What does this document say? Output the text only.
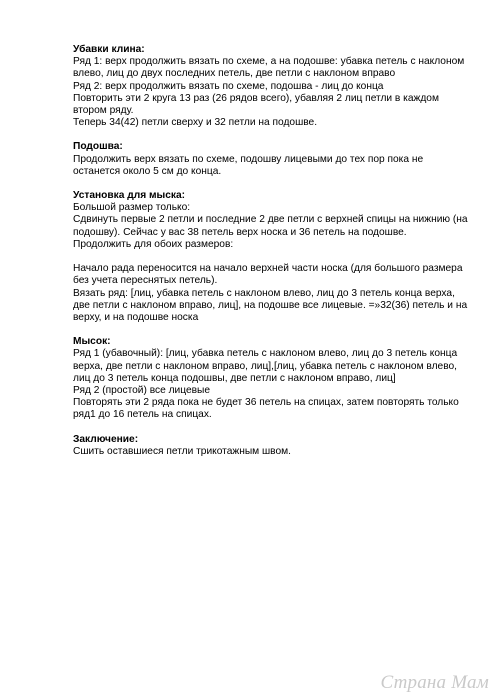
Убавки клина:
Ряд 1: верх продолжить вязать по схеме, а на подошве: убавка петель с наклоном влево, лиц до двух последних петель, две петли с наклоном вправо
Ряд 2: верх продолжить вязать по схеме, подошва - лиц до конца
Повторить эти 2 круга 13 раз (26 рядов всего), убавляя 2 лиц петли в каждом втором ряду.
Теперь 34(42) петли сверху и 32 петли на подошве.
Подошва:
Продолжить верх вязать по схеме, подошву лицевыми до тех пор пока не останется около 5 см до конца.
Установка для мыска:
Большой размер только:
Сдвинуть первые 2 петли и последние 2 две петли с верхней спицы на нижнию (на подошву). Сейчас у вас 38 петель верх носка и 36 петель на подошве.
Продолжить для обоих размеров:

Начало рада переносится на начало верхней части носка (для большого размера без учета переснятых петель).
Вязать ряд: [лиц, убавка петель с наклоном влево, лиц до 3 петель конца верха, две петли с наклоном вправо, лиц], на подошве все лицевые. =»32(36) петель и на верху, и на подошве носка
Мысок:
Ряд 1 (убавочный): [лиц, убавка петель с наклоном влево, лиц до 3 петель конца верха, две петли с наклоном вправо, лиц],[лиц, убавка петель с наклоном влево, лиц до 3 петель конца подошвы, две петли с наклоном вправо, лиц]
Ряд 2 (простой) все лицевые
Повторять эти 2 ряда пока не будет 36 петель на спицах, затем повторять только ряд1 до 16 петель на спицах.
Заключение:
Сшить оставшиеся петли трикотажным швом.
Страна Мам
